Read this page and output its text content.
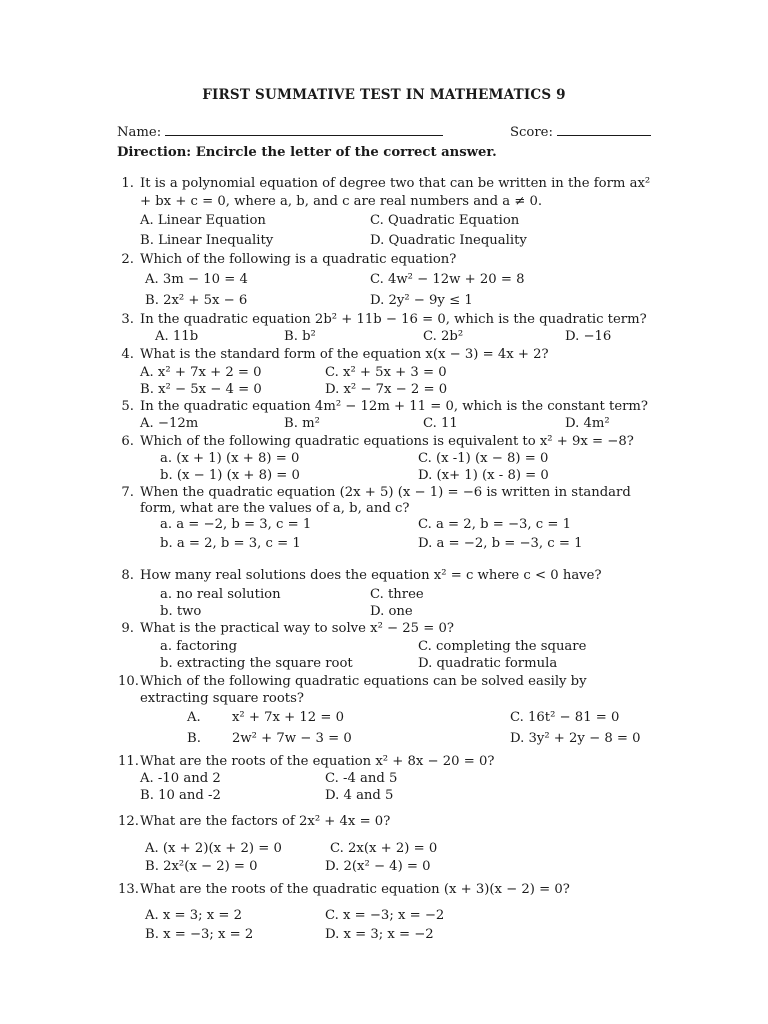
FIRST SUMMATIVE TEST IN MATHEMATICS 9
Name:	Score:
Direction: Encircle the letter of the correct answer.
1. It is a polynomial equation of degree two that can be written in the form ax²
+ bx + c = 0, where a, b, and c are real numbers and a ≠ 0.
A. Linear Equation	C. Quadratic Equation
B. Linear Inequality	D. Quadratic Inequality
2. Which of the following is a quadratic equation?
A. 3m − 10 = 4	C. 4w² − 12w + 20 = 8
B. 2x² + 5x − 6	D. 2y² − 9y ≤ 1
3. In the quadratic equation 2b² + 11b − 16 = 0, which is the quadratic term?
A. 11b	B. b²	C. 2b²	D. −16
4. What is the standard form of the equation x(x − 3) = 4x + 2?
A. x² + 7x + 2 = 0	C. x² + 5x + 3 = 0
B. x² − 5x − 4 = 0	D. x² − 7x − 2 = 0
5. In the quadratic equation 4m² − 12m + 11 = 0, which is the constant term?
A. −12m	B. m²	C. 11	D. 4m²
6. Which of the following quadratic equations is equivalent to x² + 9x = −8?
a. (x + 1) (x + 8) = 0	C. (x -1) (x − 8) = 0
b. (x − 1) (x + 8) = 0	D. (x+ 1) (x - 8) = 0
7. When the quadratic equation (2x + 5) (x − 1) = −6 is written in standard
form, what are the values of a, b, and c?
a. a = −2, b = 3, c = 1	C. a = 2, b = −3, c = 1
b. a = 2, b = 3, c = 1	D. a = −2, b = −3, c = 1
8. How many real solutions does the equation x² = c where c < 0 have?
a. no real solution	C. three
b. two	D. one
9. What is the practical way to solve x² − 25 = 0?
a. factoring	C. completing the square
b. extracting the square root	D. quadratic formula
10. Which of the following quadratic equations can be solved easily by
extracting square roots?
A. x² + 7x + 12 = 0	C. 16t² − 81 = 0
B. 2w² + 7w − 3 = 0	D. 3y² + 2y − 8 = 0
11. What are the roots of the equation x² + 8x − 20 = 0?
A. -10 and 2	C. -4 and 5
B. 10 and -2	D. 4 and 5
12. What are the factors of 2x² + 4x = 0?
A. (x + 2)(x + 2) = 0	C. 2x(x + 2) = 0
B. 2x²(x − 2) = 0	D. 2(x² − 4) = 0
13. What are the roots of the quadratic equation (x + 3)(x − 2) = 0?
A. x = 3; x = 2	C. x = −3; x = −2
B. x = −3; x = 2	D. x = 3; x = −2
